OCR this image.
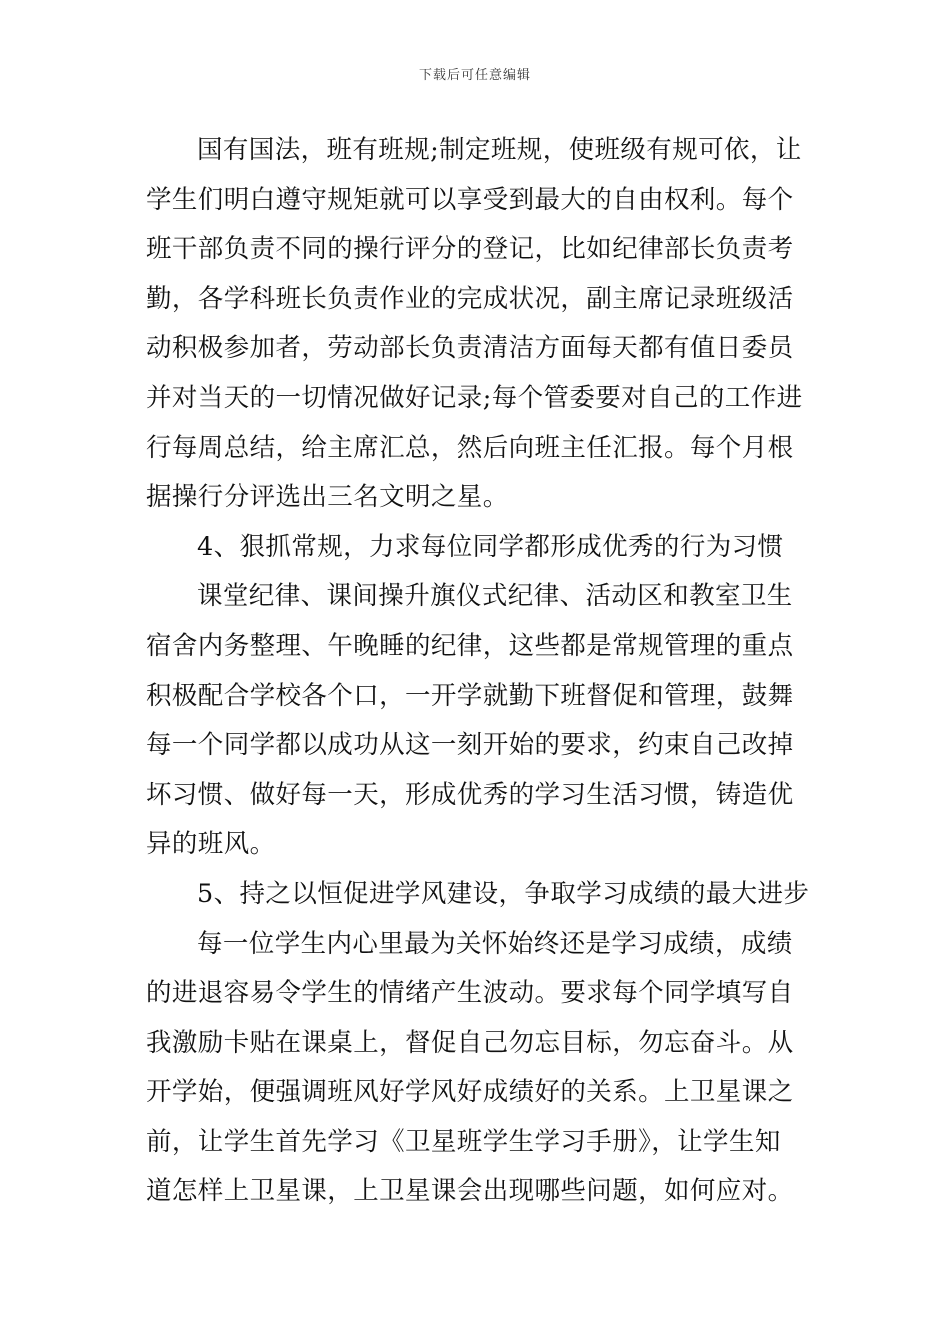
下载后可任意编辑
国有国法，班有班规;制定班规，使班级有规可依，让
学生们明白遵守规矩就可以享受到最大的自由权利。每个
班干部负责不同的操行评分的登记，比如纪律部长负责考
勤，各学科班长负责作业的完成状况，副主席记录班级活
动积极参加者，劳动部长负责清洁方面每天都有值日委员
并对当天的一切情况做好记录;每个管委要对自己的工作进
行每周总结，给主席汇总，然后向班主任汇报。每个月根
据操行分评选出三名文明之星。
4、狠抓常规，力求每位同学都形成优秀的行为习惯
课堂纪律、课间操升旗仪式纪律、活动区和教室卫生
宿舍内务整理、午晚睡的纪律，这些都是常规管理的重点
积极配合学校各个口，一开学就勤下班督促和管理，鼓舞
每一个同学都以成功从这一刻开始的要求，约束自己改掉
坏习惯、做好每一天，形成优秀的学习生活习惯，铸造优
异的班风。
5、持之以恒促进学风建设，争取学习成绩的最大进步
每一位学生内心里最为关怀始终还是学习成绩，成绩
的进退容易令学生的情绪产生波动。要求每个同学填写自
我激励卡贴在课桌上，督促自己勿忘目标，勿忘奋斗。从
开学始，便强调班风好学风好成绩好的关系。上卫星课之
前，让学生首先学习《卫星班学生学习手册》，让学生知
道怎样上卫星课，上卫星课会出现哪些问题，如何应对。
